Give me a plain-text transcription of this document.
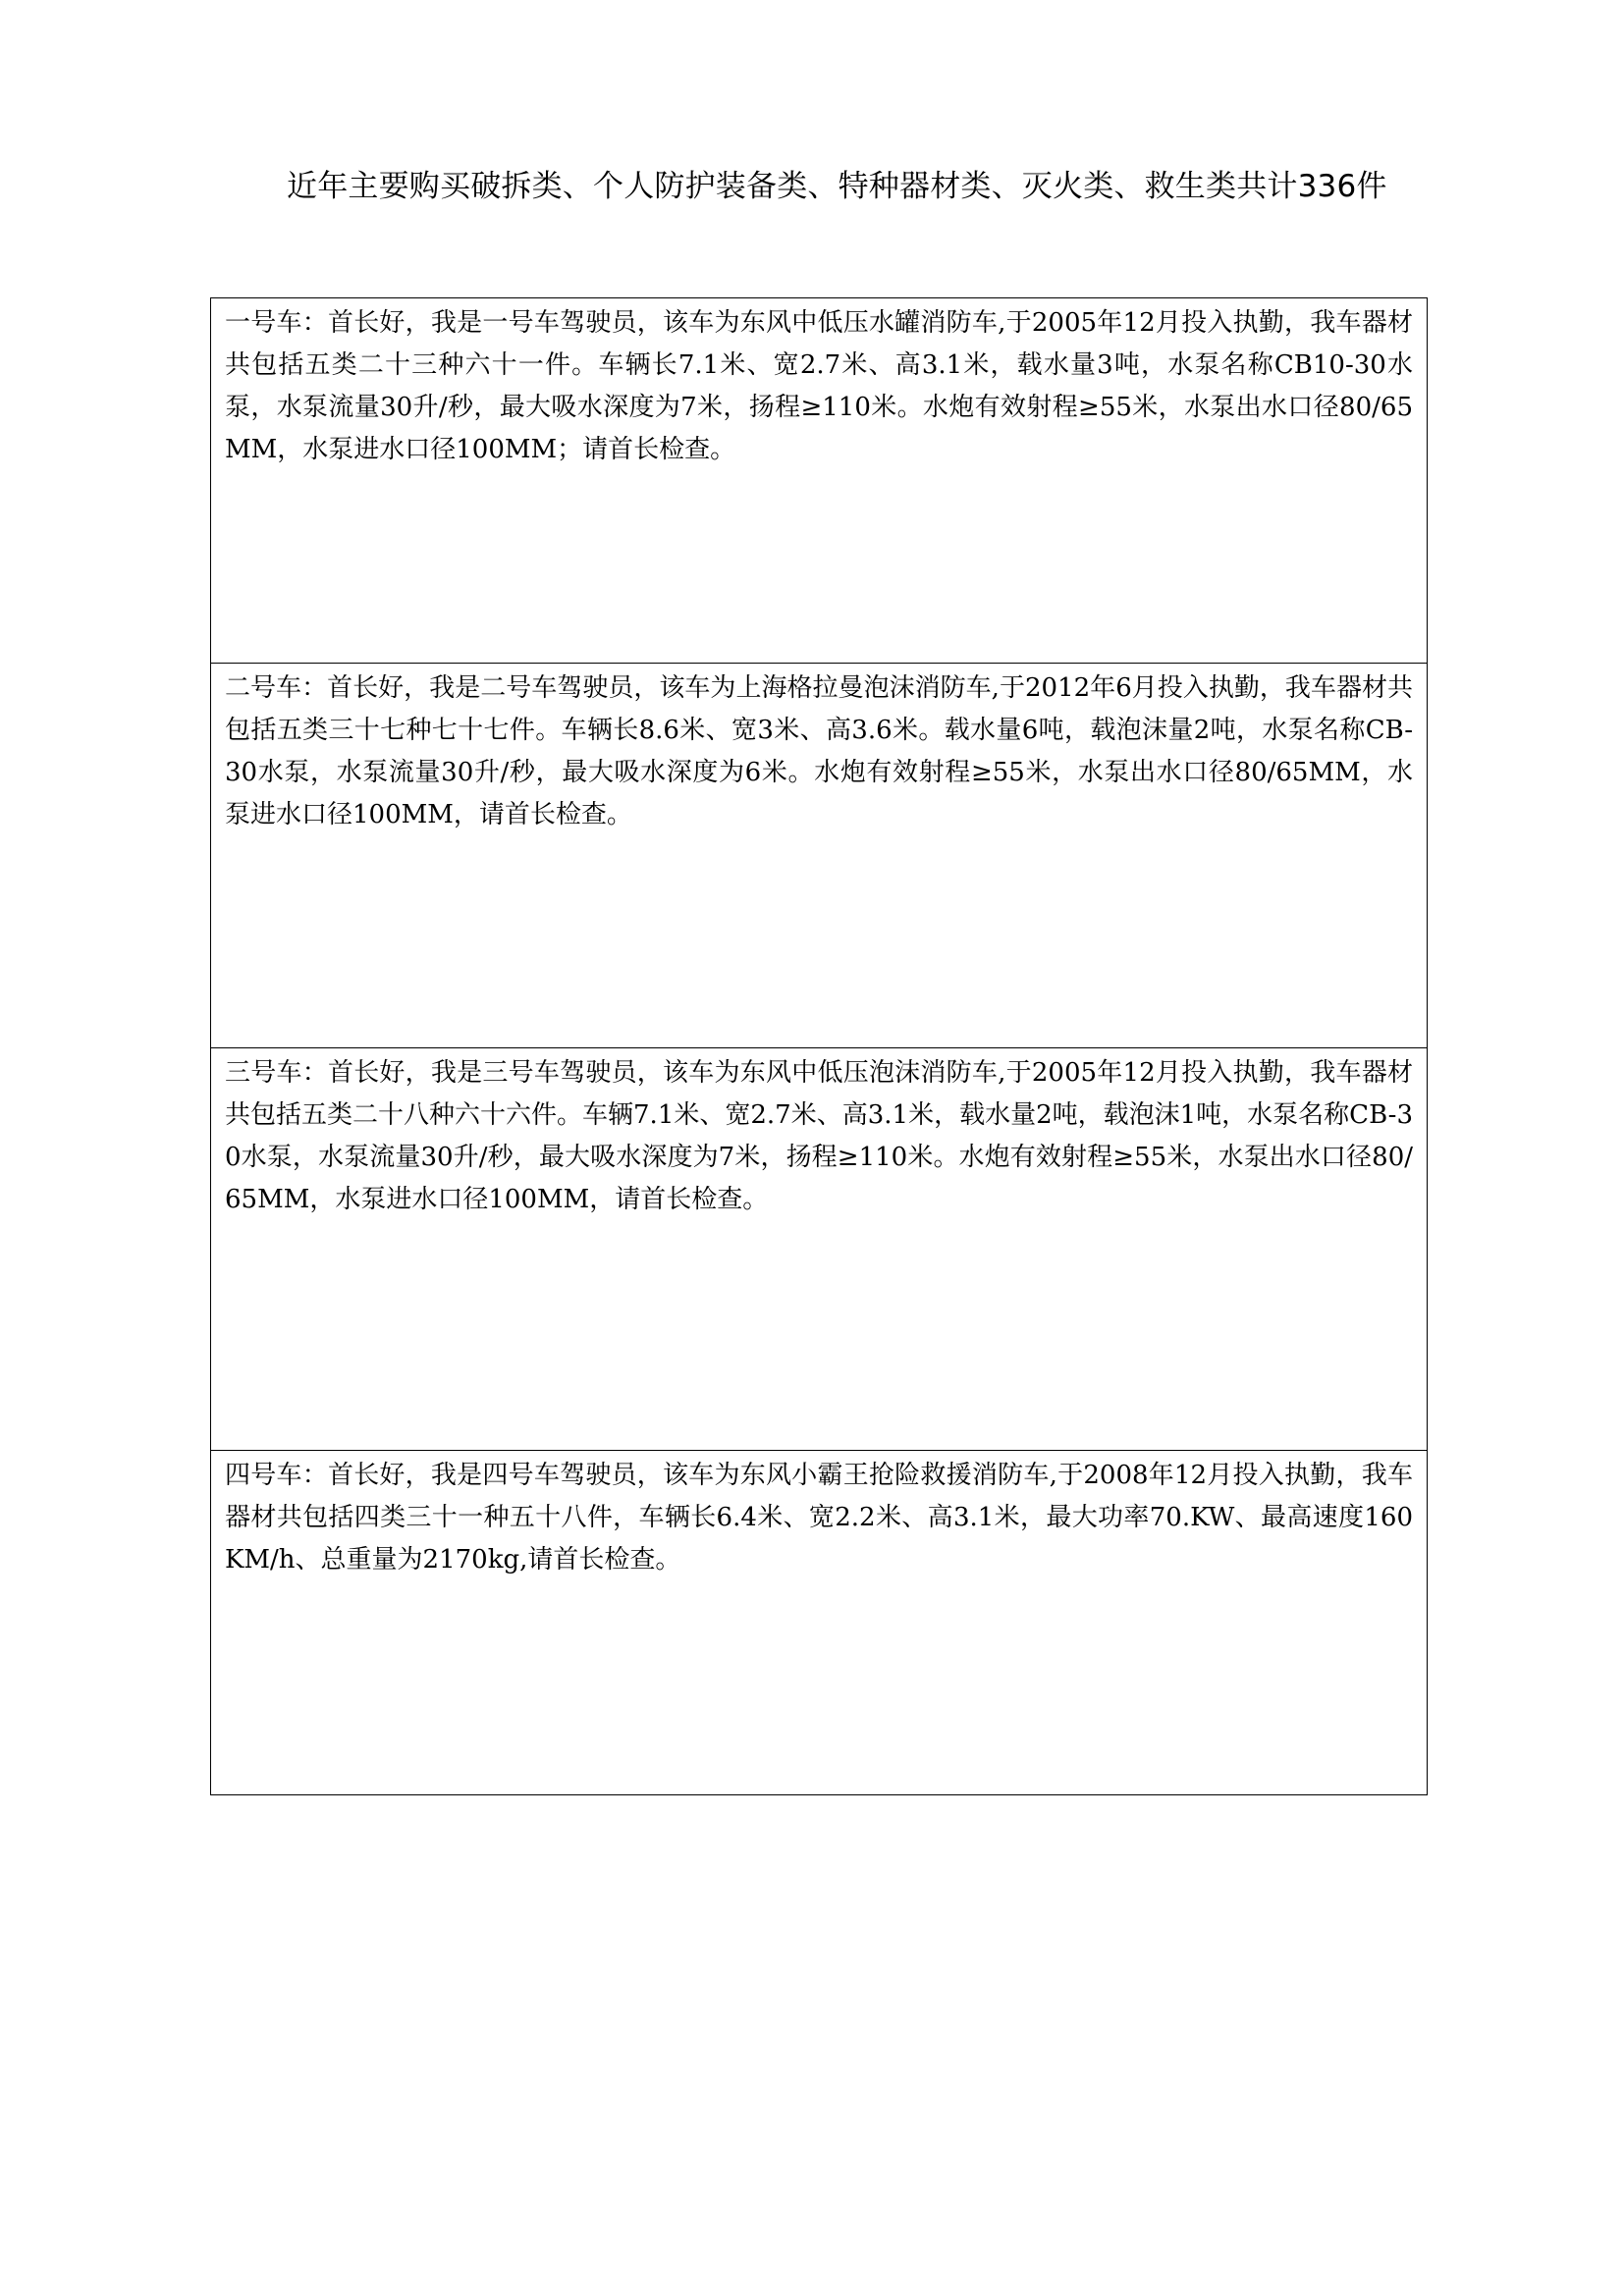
近年主要购买破拆类、个人防护装备类、特种器材类、灭火类、救生类共计336件

一号车：首长好，我是一号车驾驶员，该车为东风中低压水罐消防车,于2005年12月投入执勤，我车器材共包括五类二十三种六十一件。车辆长7.1米、宽2.7米、高3.1米，载水量3吨，水泵名称CB10-30水泵，水泵流量30升/秒，最大吸水深度为7米，扬程≥110米。水炮有效射程≥55米，水泵出水口径80/65MM，水泵进水口径100MM；请首长检查。
二号车：首长好，我是二号车驾驶员，该车为上海格拉曼泡沫消防车,于2012年6月投入执勤，我车器材共包括五类三十七种七十七件。车辆长8.6米、宽3米、高3.6米。载水量6吨，载泡沫量2吨，水泵名称CB-30水泵，水泵流量30升/秒，最大吸水深度为6米。水炮有效射程≥55米，水泵出水口径80/65MM，水泵进水口径100MM，请首长检查。
三号车：首长好，我是三号车驾驶员，该车为东风中低压泡沫消防车,于2005年12月投入执勤，我车器材共包括五类二十八种六十六件。车辆7.1米、宽2.7米、高3.1米，载水量2吨，载泡沫1吨，水泵名称CB-30水泵，水泵流量30升/秒，最大吸水深度为7米，扬程≥110米。水炮有效射程≥55米，水泵出水口径80/65MM，水泵进水口径100MM，请首长检查。
四号车：首长好，我是四号车驾驶员，该车为东风小霸王抢险救援消防车,于2008年12月投入执勤，我车器材共包括四类三十一种五十八件，车辆长6.4米、宽2.2米、高3.1米，最大功率70.KW、最高速度160KM/h、总重量为2170kg,请首长检查。
